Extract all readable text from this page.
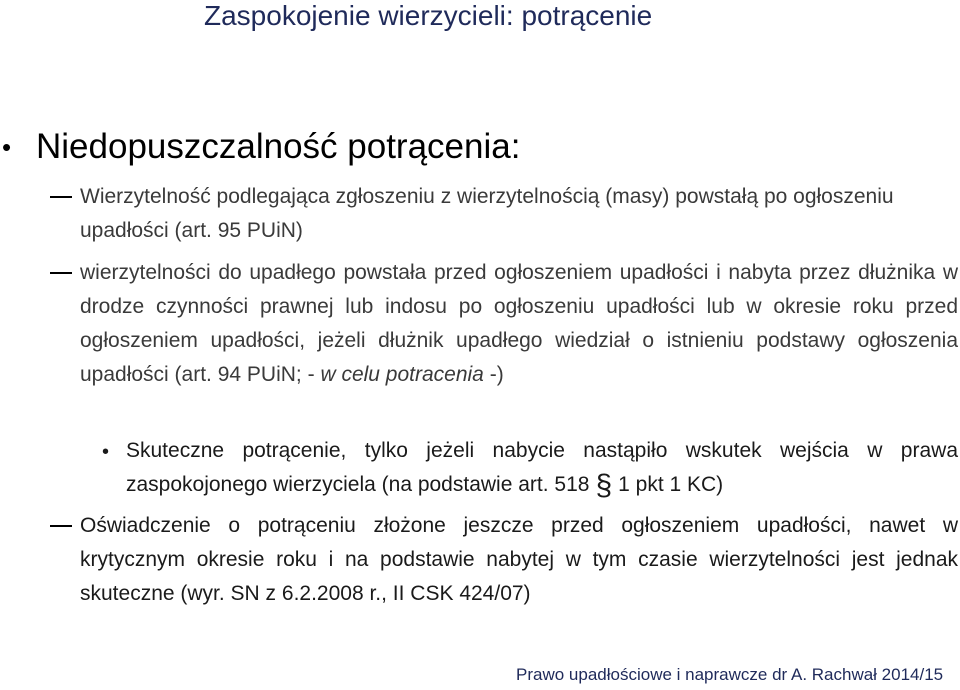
Zaspokojenie wierzycieli: potrącenie
• Niedopuszczalność potrącenia:

Wierzytelność podlegająca zgłoszeniu z wierzytelnością (masy) powstałą po ogłoszeniu upadłości (art. 95 PUiN)

wierzytelności do upadłego powstała przed ogłoszeniem upadłości i nabyta przez dłużnika w drodze czynności prawnej lub indosu po ogłoszeniu upadłości lub w okresie roku przed ogłoszeniem upadłości, jeżeli dłużnik upadłego wiedział o istnieniu podstawy ogłoszenia upadłości (art. 94 PUiN; - w celu potracenia -)

• Skuteczne potrącenie, tylko jeżeli nabycie nastąpiło wskutek wejścia w prawa zaspokojonego wierzyciela (na podstawie art. 518 § 1 pkt 1 KC)

Oświadczenie o potrąceniu złożone jeszcze przed ogłoszeniem upadłości, nawet w krytycznym okresie roku i na podstawie nabytej w tym czasie wierzytelności jest jednak skuteczne (wyr. SN z 6.2.2008 r., II CSK 424/07)

Prawo upadłościowe i naprawcze dr A. Rachwał 2014/15
